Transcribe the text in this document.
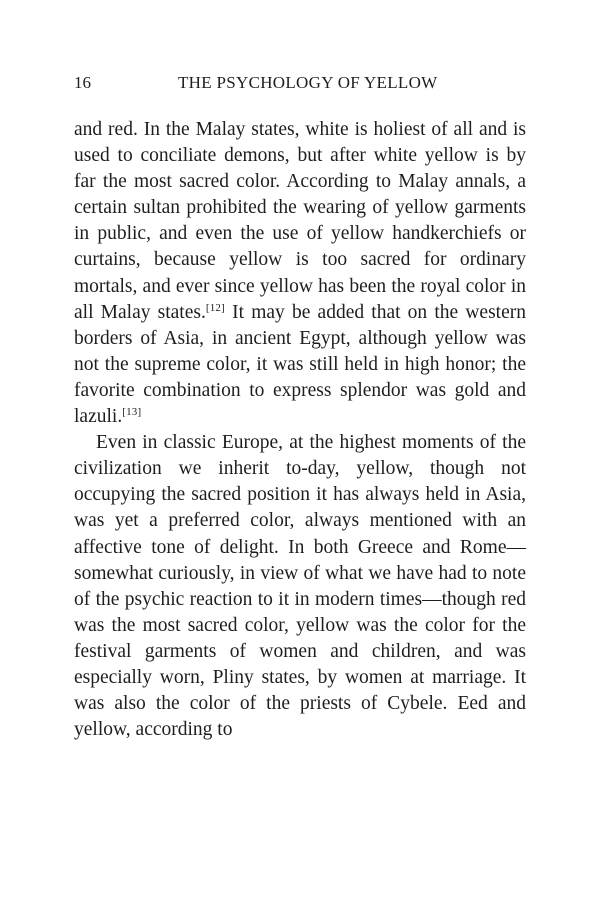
16	THE PSYCHOLOGY OF YELLOW

and red. In the Malay states, white is holiest of all and is used to conciliate demons, but after white yellow is by far the most sacred color. According to Malay annals, a certain sultan prohibited the wearing of yellow garments in public, and even the use of yellow handkerchiefs or curtains, because yellow is too sacred for ordinary mortals, and ever since yellow has been the royal color in all Malay states.[12] It may be added that on the western borders of Asia, in ancient Egypt, although yellow was not the supreme color, it was still held in high honor; the favorite combination to express splendor was gold and lazuli.[13]

Even in classic Europe, at the highest moments of the civilization we inherit to-day, yellow, though not occupying the sacred position it has always held in Asia, was yet a preferred color, always mentioned with an affective tone of delight. In both Greece and Rome—somewhat curiously, in view of what we have had to note of the psychic reaction to it in modern times—though red was the most sacred color, yellow was the color for the festival garments of women and children, and was especially worn, Pliny states, by women at marriage. It was also the color of the priests of Cybele. Eed and yellow, according to
